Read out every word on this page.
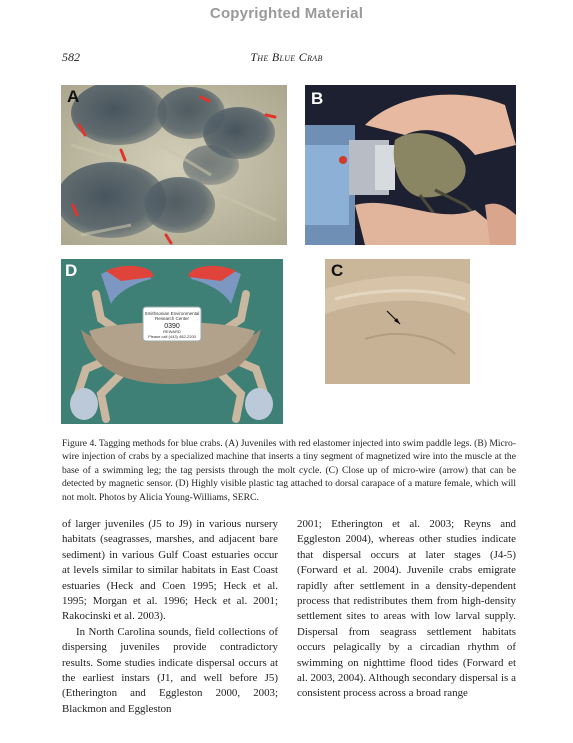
Copyrighted Material
582	The Blue Crab
A	B
Smithsonian Environmental
Research Center
0390
REWARD
Please call (443) 482-2200
D	C
Figure 4. Tagging methods for blue crabs. (A) Juveniles with red elastomer injected into swim paddle legs. (B) Micro-wire injection of crabs by a specialized machine that inserts a tiny segment of magnetized wire into the muscle at the base of a swimming leg; the tag persists through the molt cycle. (C) Close up of micro-wire (arrow) that can be detected by magnetic sensor. (D) Highly visible plastic tag attached to dorsal carapace of a mature female, which will not molt. Photos by Alicia Young-Williams, SERC.

of larger juveniles (J5 to J9) in various nursery habitats (seagrasses, marshes, and adjacent bare sediment) in various Gulf Coast estuaries occur at levels similar to similar habitats in East Coast estuaries (Heck and Coen 1995; Heck et al. 1995; Morgan et al. 1996; Heck et al. 2001; Rakocinski et al. 2003).

In North Carolina sounds, field collections of dispersing juveniles provide contradictory results. Some studies indicate dispersal occurs at the earliest instars (J1, and well before J5) (Etherington and Eggleston 2000, 2003; Blackmon and Eggleston

2001; Etherington et al. 2003; Reyns and Eggleston 2004), whereas other studies indicate that dispersal occurs at later stages (J4-5) (Forward et al. 2004). Juvenile crabs emigrate rapidly after settlement in a density-dependent process that redistributes them from high-density settlement sites to areas with low larval supply. Dispersal from seagrass settlement habitats occurs pelagically by a circadian rhythm of swimming on nighttime flood tides (Forward et al. 2003, 2004). Although secondary dispersal is a consistent process across a broad range
